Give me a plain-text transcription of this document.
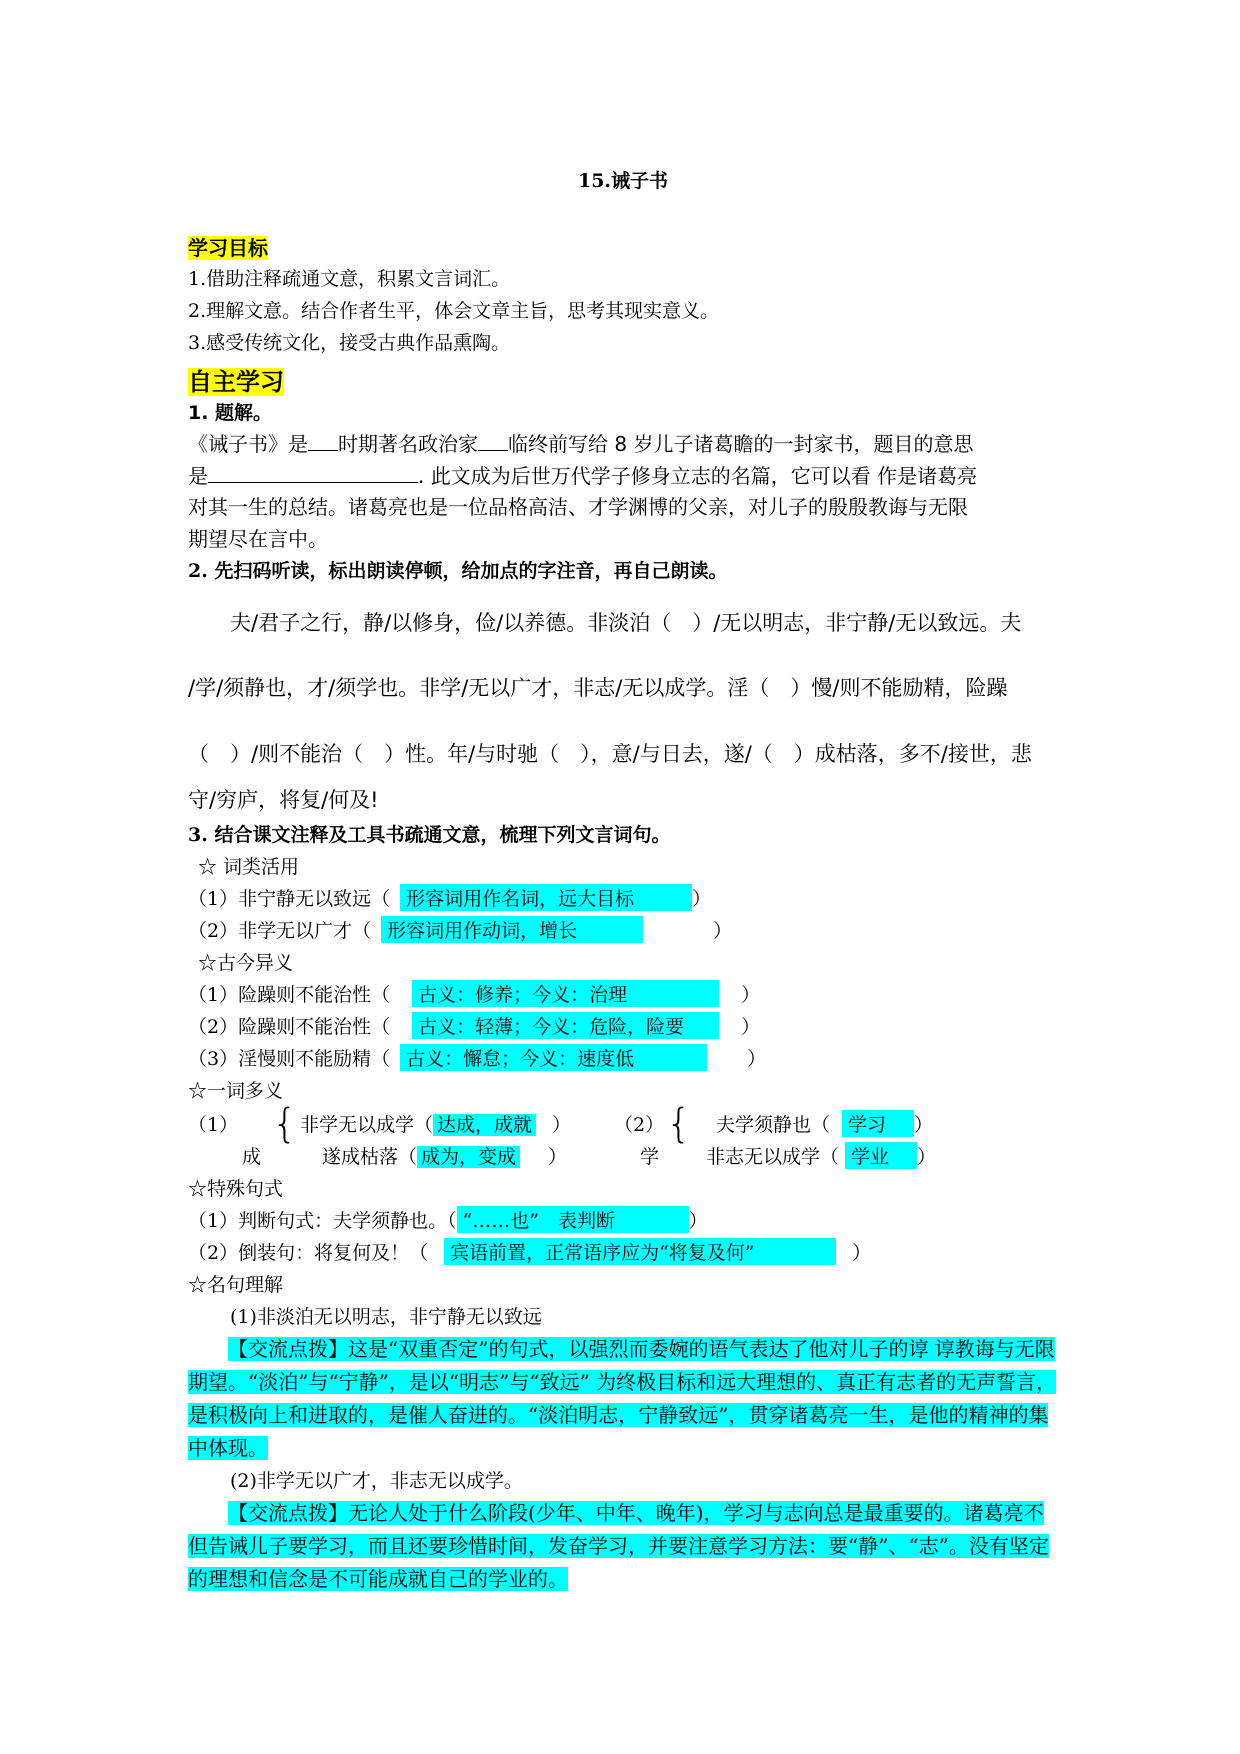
15.诫子书
学习目标
1.借助注释疏通文意，积累文言词汇。
2.理解文意。结合作者生平，体会文章主旨，思考其现实意义。
3.感受传统文化，接受古典作品熏陶。
自主学习
1. 题解。
《诫子书》是 时期著名政治家 临终前写给 8 岁儿子诸葛瞻的一封家书，题目的意思
是	. 此文成为后世万代学子修身立志的名篇，它可以看 作是诸葛亮
对其一生的总结。诸葛亮也是一位品格高洁、才学渊博的父亲，对儿子的殷殷教诲与无限
期望尽在言中。
2. 先扫码听读，标出朗读停顿，给加点的字注音，再自己朗读。
夫/君子之行，静/以修身，俭/以养德。非淡泊（　）/无以明志，非宁静/无以致远。夫
/学/须静也，才/须学也。非学/无以广才，非志/无以成学。淫（　）慢/则不能励精，险躁
（　）/则不能治（　）性。年/与时驰（　），意/与日去，遂/（　）成枯落，多不/接世，悲
守/穷庐，将复/何及!
3. 结合课文注释及工具书疏通文意，梳理下列文言词句。
☆ 词类活用
（1）非宁静无以致远（ 形容词用作名词，远大目标	）
（2）非学无以广才（ 形容词用作动词，增长	）
☆古今异义
（1）险躁则不能治性（ 古义：修养；今义：治理	）
（2）险躁则不能治性（ 古义：轻薄；今义：危险，险要	）
（3）淫慢则不能励精（ 古义：懈怠；今义：速度低	）
☆一词多义
（1）
成
{ 非学无以成学（ 达成，成就 ）
遂成枯落（ 成为，变成 ）
（2）
学
{ 夫学须静也（ 学习 ）
非志无以成学（ 学业 ）
☆特殊句式
（1）判断句式：夫学须静也。（ “……也”　表判断	）
（2）倒装句：将复何及！（ 宾语前置，正常语序应为“将复及何”	）
☆名句理解
(1)非淡泊无以明志，非宁静无以致远
【交流点拨】这是“双重否定”的句式，以强烈而委婉的语气表达了他对儿子的谆 谆教诲与无限期望。“淡泊”与“宁静”，是以“明志”与“致远” 为终极目标和远大理想的、真正有志者的无声誓言，是积极向上和进取的，是催人奋进的。“淡泊明志，宁静致远”，贯穿诸葛亮一生，是他的精神的集中体现。
(2)非学无以广才，非志无以成学。
【交流点拨】无论人处于什么阶段(少年、中年、晚年)，学习与志向总是最重要的。诸葛亮不但告诫儿子要学习，而且还要珍惜时间，发奋学习，并要注意学习方法：要“静”、“志”。没有坚定的理想和信念是不可能成就自己的学业的。
